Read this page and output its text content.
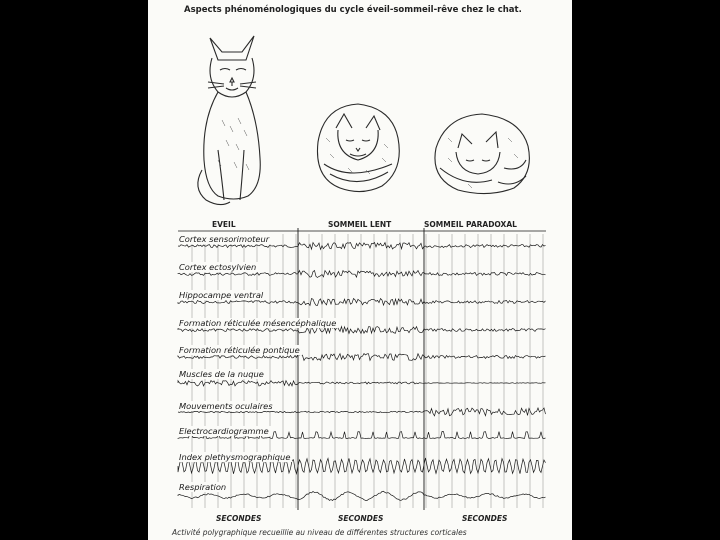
Aspects phénoménologiques du cycle éveil-sommeil-rêve chez le chat.
EVEIL	SOMMEIL LENT	SOMMEIL PARADOXAL
Cortex sensorimoteur
Cortex ectosylvien
Hippocampe ventral
Formation réticulée mésencéphalique
Formation réticulée pontique
Muscles de la nuque
Mouvements oculaires
Electrocardiogramme
Index plethysmographique
Respiration
SECONDES	SECONDES	SECONDES
Activité polygraphique recueillie au niveau de différentes structures corticales
